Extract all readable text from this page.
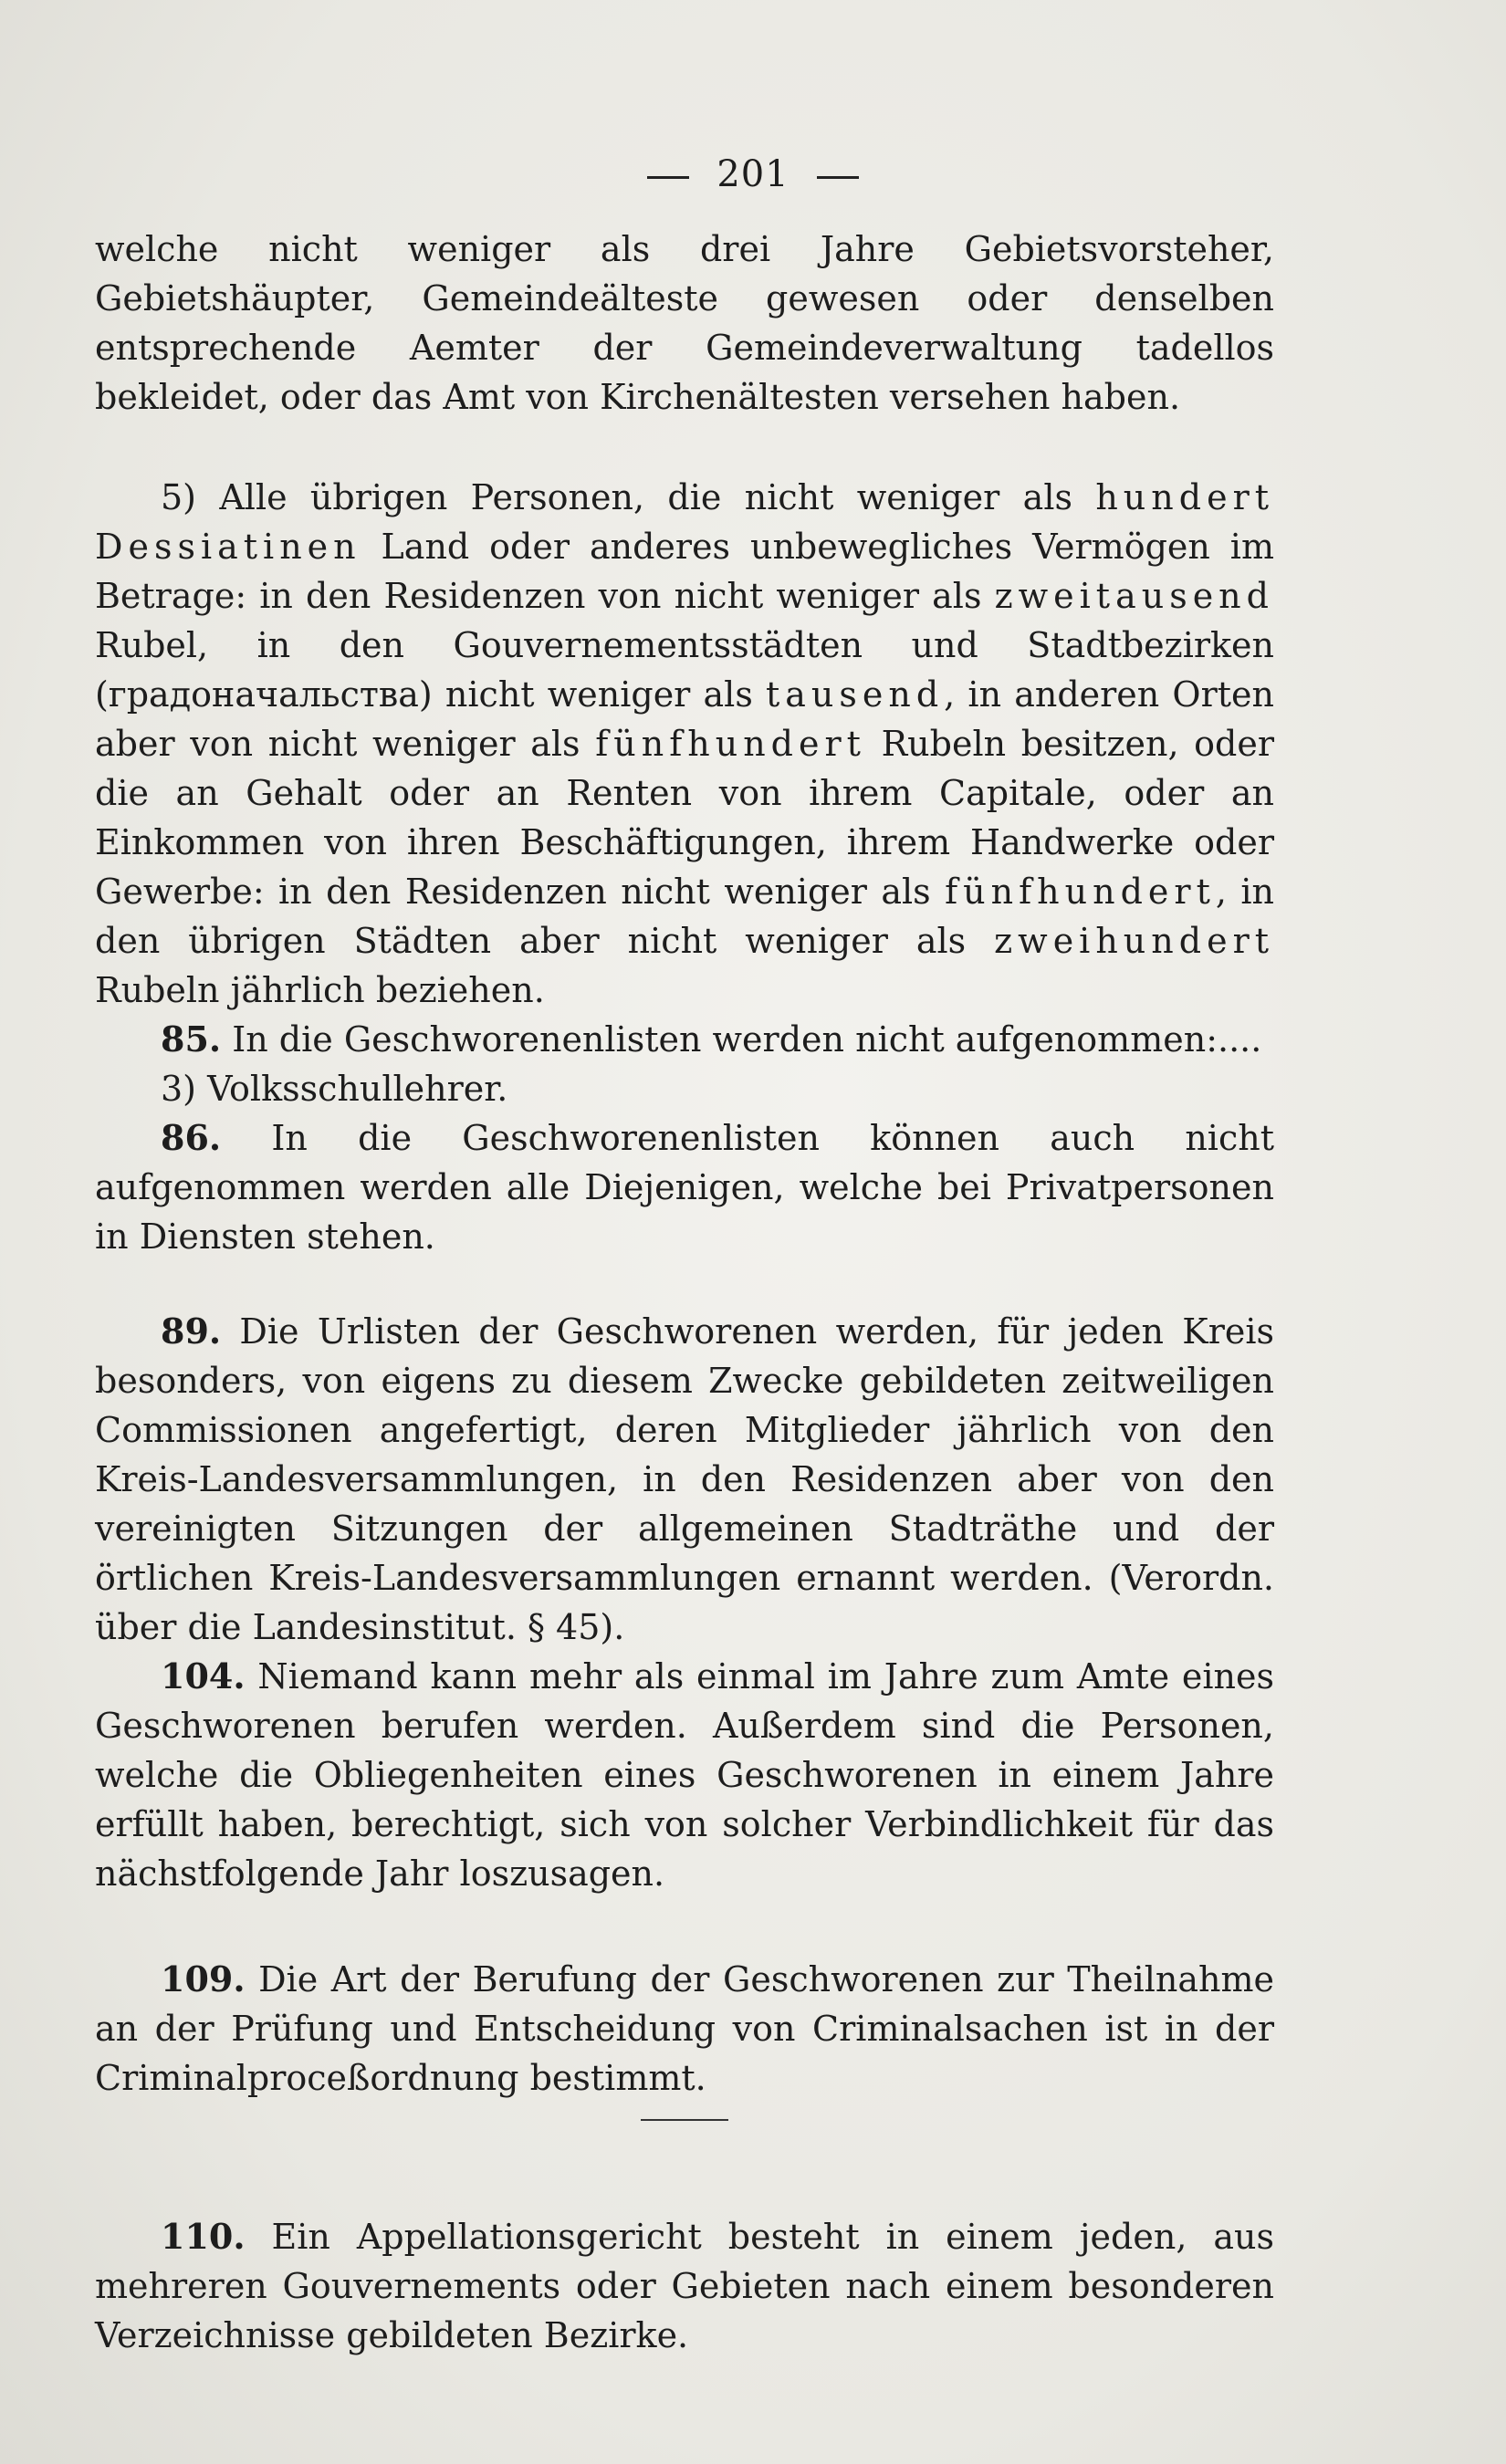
201

welche nicht weniger als drei Jahre Gebietsvorsteher, Gebietshäupter, Gemeindeälteste gewesen oder denselben entsprechende Aemter der Gemeindeverwaltung tadellos bekleidet, oder das Amt von Kirchenältesten versehen haben.

5) Alle übrigen Personen, die nicht weniger als hundert Dessiatinen Land oder anderes unbewegliches Vermögen im Betrage: in den Residenzen von nicht weniger als zweitausend Rubel, in den Gouvernementsstädten und Stadtbezirken (градоначальства) nicht weniger als tausend, in anderen Orten aber von nicht weniger als fünfhundert Rubeln besitzen, oder die an Gehalt oder an Renten von ihrem Capitale, oder an Einkommen von ihren Beschäftigungen, ihrem Handwerke oder Gewerbe: in den Residenzen nicht weniger als fünfhundert, in den übrigen Städten aber nicht weniger als zweihundert Rubeln jährlich beziehen.

85. In die Geschworenenlisten werden nicht aufgenommen:....

3) Volksschullehrer.

86. In die Geschworenenlisten können auch nicht aufgenommen werden alle Diejenigen, welche bei Privatpersonen in Diensten stehen.

89. Die Urlisten der Geschworenen werden, für jeden Kreis besonders, von eigens zu diesem Zwecke gebildeten zeitweiligen Commissionen angefertigt, deren Mitglieder jährlich von den Kreis-Landesversammlungen, in den Residenzen aber von den vereinigten Sitzungen der allgemeinen Stadträthe und der örtlichen Kreis-Landesversammlungen ernannt werden. (Verordn. über die Landesinstitut. § 45).

104. Niemand kann mehr als einmal im Jahre zum Amte eines Geschworenen berufen werden. Außerdem sind die Personen, welche die Obliegenheiten eines Geschworenen in einem Jahre erfüllt haben, berechtigt, sich von solcher Verbindlichkeit für das nächstfolgende Jahr loszusagen.

109. Die Art der Berufung der Geschworenen zur Theilnahme an der Prüfung und Entscheidung von Criminalsachen ist in der Criminalproceßordnung bestimmt.

110. Ein Appellationsgericht besteht in einem jeden, aus mehreren Gouvernements oder Gebieten nach einem besonderen Verzeichnisse gebildeten Bezirke.
